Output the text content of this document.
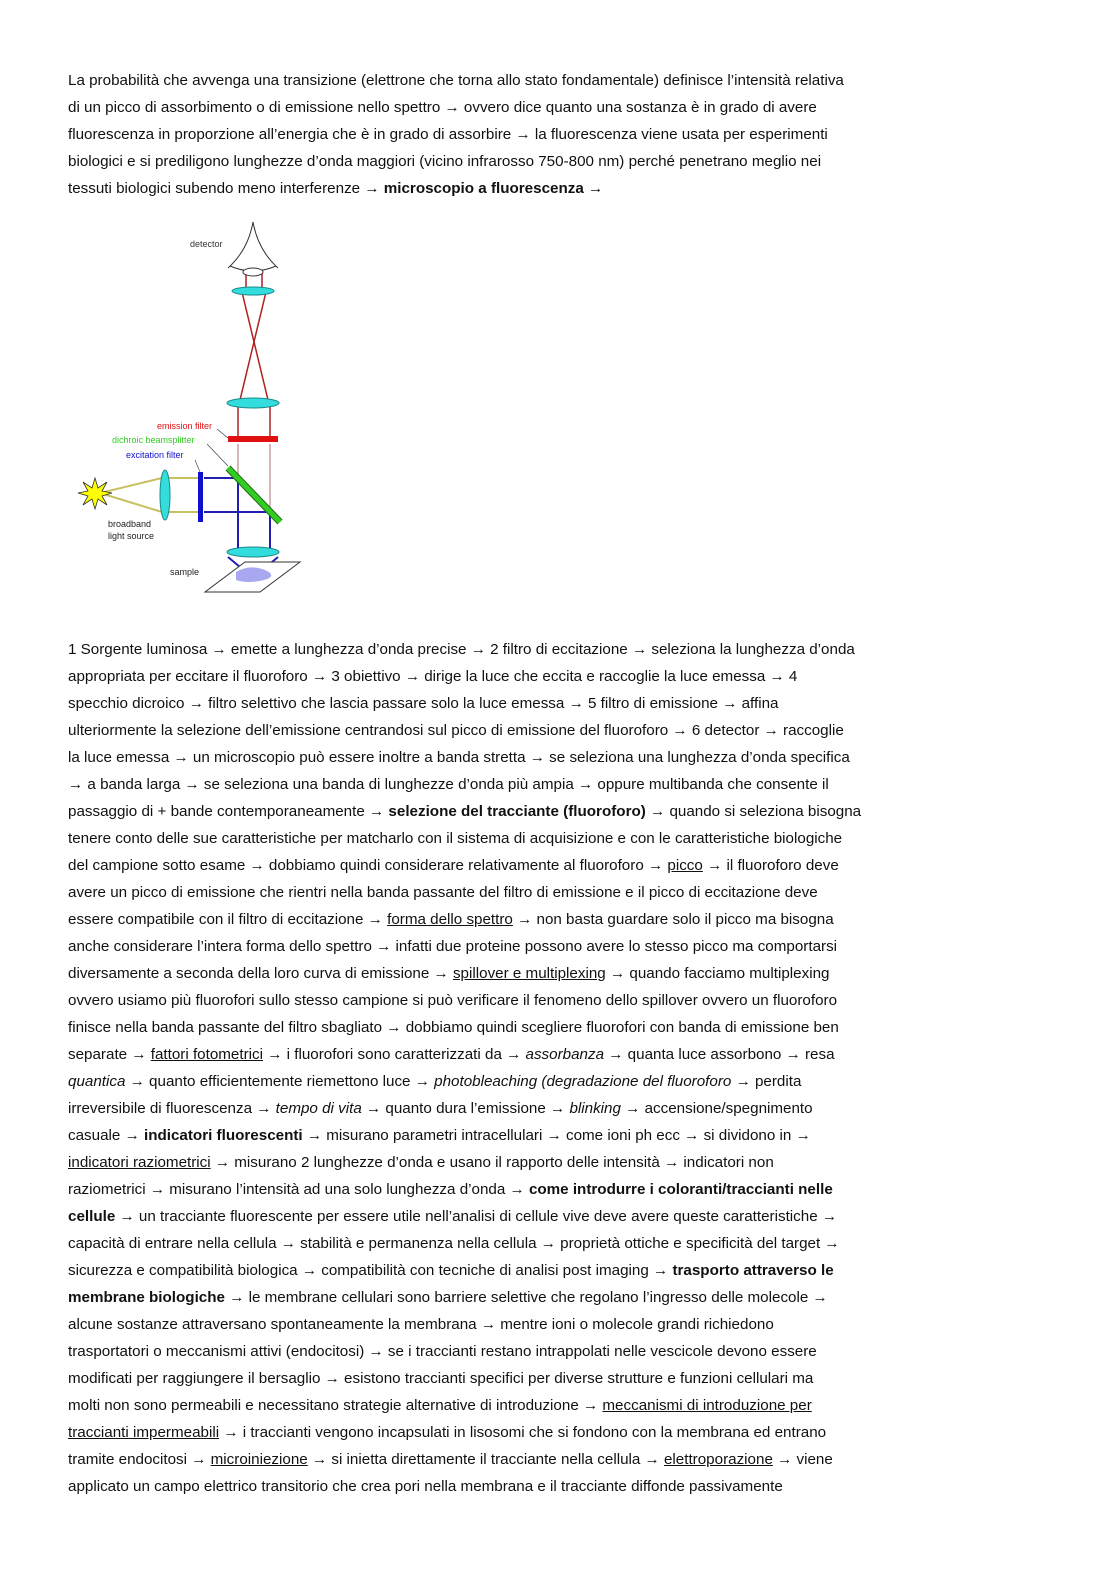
La probabilità che avvenga una transizione (elettrone che torna allo stato fondamentale) definisce l’intensità relativa
di un picco di assorbimento o di emissione nello spettro → ovvero dice quanto una sostanza è in grado di avere
fluorescenza in proporzione all’energia che è in grado di assorbire → la fluorescenza viene usata per esperimenti
biologici e si prediligono lunghezze d’onda maggiori (vicino infrarosso 750-800 nm) perché penetrano meglio nei
tessuti biologici subendo meno interferenze → microscopio a fluorescenza →
detector
emission filter
dichroic beamsplitter
excitation filter
broadband
light source
sample
1 Sorgente luminosa → emette a lunghezza d’onda precise → 2 filtro di eccitazione → seleziona la lunghezza d’onda
appropriata per eccitare il fluoroforo → 3 obiettivo → dirige la luce che eccita e raccoglie la luce emessa → 4
specchio dicroico → filtro selettivo che lascia passare solo la luce emessa → 5 filtro di emissione → affina
ulteriormente la selezione dell’emissione centrandosi sul picco di emissione del fluoroforo → 6 detector → raccoglie
la luce emessa → un microscopio può essere inoltre a banda stretta → se seleziona una lunghezza d’onda specifica
→ a banda larga → se seleziona una banda di lunghezze d’onda più ampia → oppure multibanda che consente il
passaggio di + bande contemporaneamente → selezione del tracciante (fluoroforo) → quando si seleziona bisogna
tenere conto delle sue caratteristiche per matcharlo con il sistema di acquisizione e con le caratteristiche biologiche
del campione sotto esame → dobbiamo quindi considerare relativamente al fluoroforo → picco → il fluoroforo deve
avere un picco di emissione che rientri nella banda passante del filtro di emissione e il picco di eccitazione deve
essere compatibile con il filtro di eccitazione → forma dello spettro → non basta guardare solo il picco ma bisogna
anche considerare l’intera forma dello spettro → infatti due proteine possono avere lo stesso picco ma comportarsi
diversamente a seconda della loro curva di emissione → spillover e multiplexing → quando facciamo multiplexing
ovvero usiamo più fluorofori sullo stesso campione si può verificare il fenomeno dello spillover ovvero un fluoroforo
finisce nella banda passante del filtro sbagliato → dobbiamo quindi scegliere fluorofori con banda di emissione ben
separate → fattori fotometrici → i fluorofori sono caratterizzati da → assorbanza → quanta luce assorbono → resa
quantica → quanto efficientemente riemettono luce → photobleaching (degradazione del fluoroforo → perdita
irreversibile di fluorescenza → tempo di vita → quanto dura l’emissione → blinking → accensione/spegnimento
casuale → indicatori fluorescenti → misurano parametri intracellulari → come ioni ph ecc → si dividono in →
indicatori raziometrici → misurano 2 lunghezze d’onda e usano il rapporto delle intensità → indicatori non
raziometrici → misurano l’intensità ad una solo lunghezza d’onda → come introdurre i coloranti/traccianti nelle
cellule → un tracciante fluorescente per essere utile nell’analisi di cellule vive deve avere queste caratteristiche →
capacità di entrare nella cellula → stabilità e permanenza nella cellula → proprietà ottiche e specificità del target →
sicurezza e compatibilità biologica → compatibilità con tecniche di analisi post imaging → trasporto attraverso le
membrane biologiche → le membrane cellulari sono barriere selettive che regolano l’ingresso delle molecole →
alcune sostanze attraversano spontaneamente la membrana → mentre ioni o molecole grandi richiedono
trasportatori o meccanismi attivi (endocitosi) → se i traccianti restano intrappolati nelle vescicole devono essere
modificati per raggiungere il bersaglio → esistono traccianti specifici per diverse strutture e funzioni cellulari ma
molti non sono permeabili e necessitano strategie alternative di introduzione → meccanismi di introduzione per
traccianti impermeabili → i traccianti vengono incapsulati in lisosomi che si fondono con la membrana ed entrano
tramite endocitosi → microiniezione → si inietta direttamente il tracciante nella cellula → elettroporazione → viene
applicato un campo elettrico transitorio che crea pori nella membrana e il tracciante diffonde passivamente
